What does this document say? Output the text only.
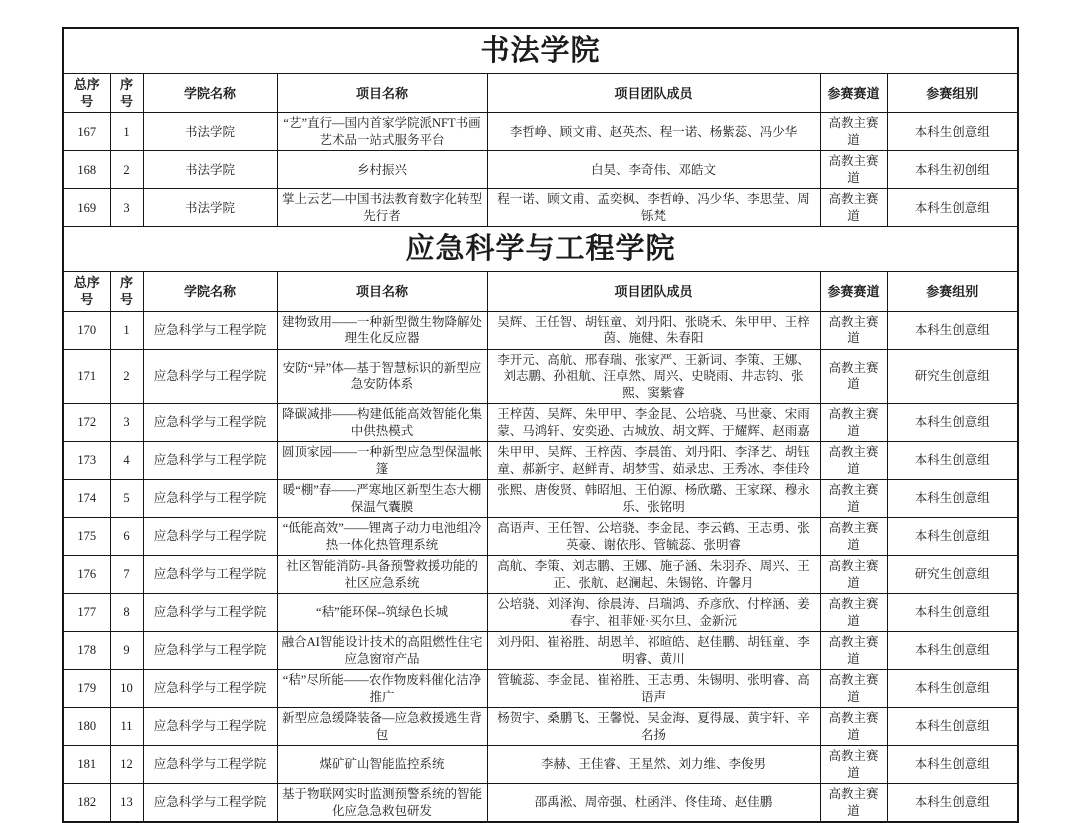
书法学院						
总序号	序号	学院名称	项目名称	项目团队成员	参赛赛道	参赛组别
167	1	书法学院	“艺”直行—国内首家学院派NFT书画艺术品一站式服务平台	李哲峥、顾文甫、赵英杰、程一诺、杨紫蕊、冯少华	高教主赛道	本科生创意组
168	2	书法学院	乡村振兴	白昊、李奇伟、邓皓文	高教主赛道	本科生初创组
169	3	书法学院	掌上云艺—中国书法教育数字化转型先行者	程一诺、顾文甫、孟奕枫、李哲峥、冯少华、李思莹、周铄梵	高教主赛道	本科生创意组
应急科学与工程学院						
总序号	序号	学院名称	项目名称	项目团队成员	参赛赛道	参赛组别
170	1	应急科学与工程学院	建物致用——一种新型微生物降解处理生化反应器	吴辉、王任智、胡钰童、刘丹阳、张晓禾、朱甲甲、王梓茵、施健、朱春阳	高教主赛道	本科生创意组
171	2	应急科学与工程学院	安防“异”体—基于智慧标识的新型应急安防体系	李开元、高航、邢春瑞、张家严、王新词、李策、王娜、刘志鹏、孙祖航、汪卓然、周兴、史晓雨、井志钧、张熙、窦紫睿	高教主赛道	研究生创意组
172	3	应急科学与工程学院	降碳减排——构建低能高效智能化集中供热模式	王梓茵、吴辉、朱甲甲、李金昆、公培骁、马世豪、宋雨蒙、马鸿轩、安奕逊、古城放、胡文辉、于耀辉、赵雨嘉	高教主赛道	本科生创意组
173	4	应急科学与工程学院	圆顶家园——一种新型应急型保温帐篷	朱甲甲、吴辉、王梓茵、李晨笛、刘丹阳、李泽艺、胡钰童、郝新宇、赵鲜青、胡梦雪、茹录忠、王秀冰、李佳玲	高教主赛道	本科生创意组
174	5	应急科学与工程学院	暖“棚”春——严寒地区新型生态大棚保温气囊膜	张熙、唐俊贤、韩昭旭、王伯源、杨欣璐、王家琛、穆永乐、张铭明	高教主赛道	本科生创意组
175	6	应急科学与工程学院	“低能高效”——锂离子动力电池组冷热一体化热管理系统	高语声、王任智、公培骁、李金昆、李云鹤、王志勇、张英豪、谢依彤、管毓蕊、张明睿	高教主赛道	本科生创意组
176	7	应急科学与工程学院	社区智能消防-具备预警救援功能的社区应急系统	高航、李策、刘志鹏、王娜、施子涵、朱羽乔、周兴、王正、张航、赵澜起、朱锡铭、许馨月	高教主赛道	研究生创意组
177	8	应急科学与工程学院	“秸”能环保--筑绿色长城	公培骁、刘泽洵、徐晨涛、吕瑞鸿、乔彦欣、付梓涵、姜春宇、祖菲娅·买尔旦、金新沅	高教主赛道	本科生创意组
178	9	应急科学与工程学院	融合AI智能设计技术的高阻燃性住宅应急窗帘产品	刘丹阳、崔裕胜、胡恩羊、祁暄皓、赵佳鹏、胡钰童、李明睿、黄川	高教主赛道	本科生创意组
179	10	应急科学与工程学院	“秸”尽所能——农作物废料催化洁净推广	管毓蕊、李金昆、崔裕胜、王志勇、朱锡明、张明睿、高语声	高教主赛道	本科生创意组
180	11	应急科学与工程学院	新型应急缓降装备—应急救援逃生背包	杨贺宇、桑鹏飞、王馨悦、吴金海、夏得晟、黄宇轩、辛名扬	高教主赛道	本科生创意组
181	12	应急科学与工程学院	煤矿矿山智能监控系统	李赫、王佳睿、王星然、刘力维、李俊男	高教主赛道	本科生创意组
182	13	应急科学与工程学院	基于物联网实时监测预警系统的智能化应急急救包研发	邵禹淞、周帝强、杜函泮、佟佳琦、赵佳鹏	高教主赛道	本科生创意组
